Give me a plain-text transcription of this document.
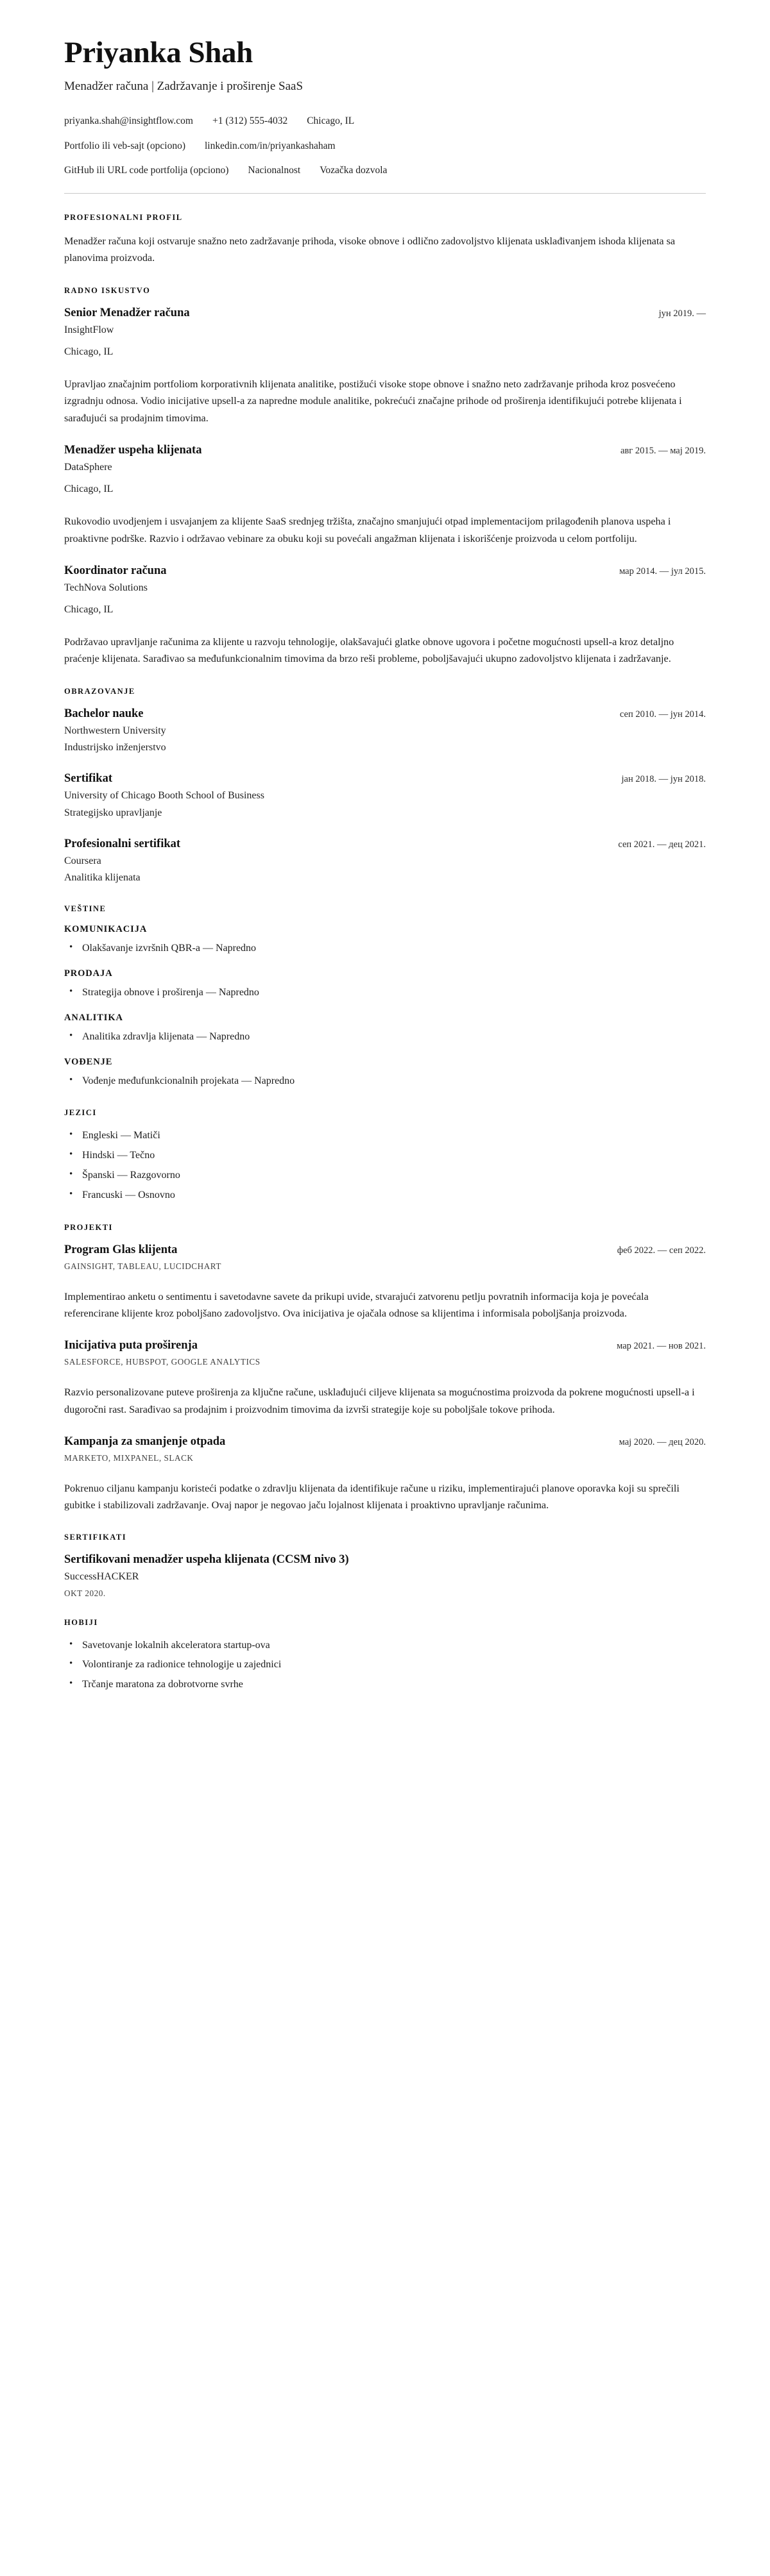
Priyanka Shah

Menadžer računa | Zadržavanje i proširenje SaaS

priyanka.shah@insightflow.com +1 (312) 555-4032 Chicago, IL
Portfolio ili veb-sajt (opciono) linkedin.com/in/priyankashaham
GitHub ili URL code portfolija (opciono) Nacionalnost Vozačka dozvola
PROFESIONALNI PROFIL

Menadžer računa koji ostvaruje snažno neto zadržavanje prihoda, visoke obnove i odlično zadovoljstvo klijenata usklađivanjem ishoda klijenata sa planovima proizvoda.

RADNO ISKUSTVO
Senior Menadžer računa	јун 2019. —

InsightFlow

Chicago, IL

Upravljao značajnim portfoliom korporativnih klijenata analitike, postižući visoke stope obnove i snažno neto zadržavanje prihoda kroz posvećeno izgradnju odnosa. Vodio inicijative upsell-a za napredne module analitike, pokrećući značajne prihode od proširenja identifikujući potrebe klijenata i sarađujući sa prodajnim timovima.

Menadžer uspeha klijenata	авг 2015. — мај 2019.

DataSphere

Chicago, IL

Rukovodio uvodjenjem i usvajanjem za klijente SaaS srednjeg tržišta, značajno smanjujući otpad implementacijom prilagođenih planova uspeha i proaktivne podrške. Razvio i održavao vebinare za obuku koji su povećali angažman klijenata i iskorišćenje proizvoda u celom portfoliju.

Koordinator računa	мар 2014. — јул 2015.

TechNova Solutions

Chicago, IL

Podržavao upravljanje računima za klijente u razvoju tehnologije, olakšavajući glatke obnove ugovora i početne mogućnosti upsell-a kroz detaljno praćenje klijenata. Sarađivao sa međufunkcionalnim timovima da brzo reši probleme, poboljšavajući ukupno zadovoljstvo klijenata i zadržavanje.

OBRAZOVANJE
Bachelor nauke	сеп 2010. — јун 2014.

Northwestern University

Industrijsko inženjerstvo

Sertifikat	јан 2018. — јун 2018.

University of Chicago Booth School of Business

Strategijsko upravljanje

Profesionalni sertifikat	сеп 2021. — дец 2021.

Coursera

Analitika klijenata

VEŠTINE
KOMUNIKACIJA
• Olakšavanje izvršnih QBR-a — Napredno
PRODAJA
• Strategija obnove i proširenja — Napredno
ANALITIKA
• Analitika zdravlja klijenata — Napredno
VOĐENJE
• Vođenje međufunkcionalnih projekata — Napredno
JEZICI
• Engleski — Matiči
• Hindski — Tečno
• Španski — Razgovorno
• Francuski — Osnovno
PROJEKTI
Program Glas klijenta	феб 2022. — сеп 2022.

GAINSIGHT, TABLEAU, LUCIDCHART

Implementirao anketu o sentimentu i savetodavne savete da prikupi uvide, stvarajući zatvorenu petlju povratnih informacija koja je povećala referencirane klijente kroz poboljšano zadovoljstvo. Ova inicijativa je ojačala odnose sa klijentima i informisala poboljšanja proizvoda.

Inicijativa puta proširenja	мар 2021. — нов 2021.

SALESFORCE, HUBSPOT, GOOGLE ANALYTICS

Razvio personalizovane puteve proširenja za ključne račune, usklađujući ciljeve klijenata sa mogućnostima proizvoda da pokrene mogućnosti upsell-a i dugoročni rast. Sarađivao sa prodajnim i proizvodnim timovima da izvrši strategije koje su poboljšale tokove prihoda.

Kampanja za smanjenje otpada	мај 2020. — дец 2020.

MARKETO, MIXPANEL, SLACK

Pokrenuo ciljanu kampanju koristeći podatke o zdravlju klijenata da identifikuje račune u riziku, implementirajući planove oporavka koji su sprečili gubitke i stabilizovali zadržavanje. Ovaj napor je negovao jaču lojalnost klijenata i proaktivno upravljanje računima.

SERTIFIKATI
Sertifikovani menadžer uspeha klijenata (CCSM nivo 3)

SuccessHACKER

OKT 2020.

HOBIJI
• Savetovanje lokalnih akceleratora startup-ova
• Volontiranje za radionice tehnologije u zajednici
• Trčanje maratona za dobrotvorne svrhe
